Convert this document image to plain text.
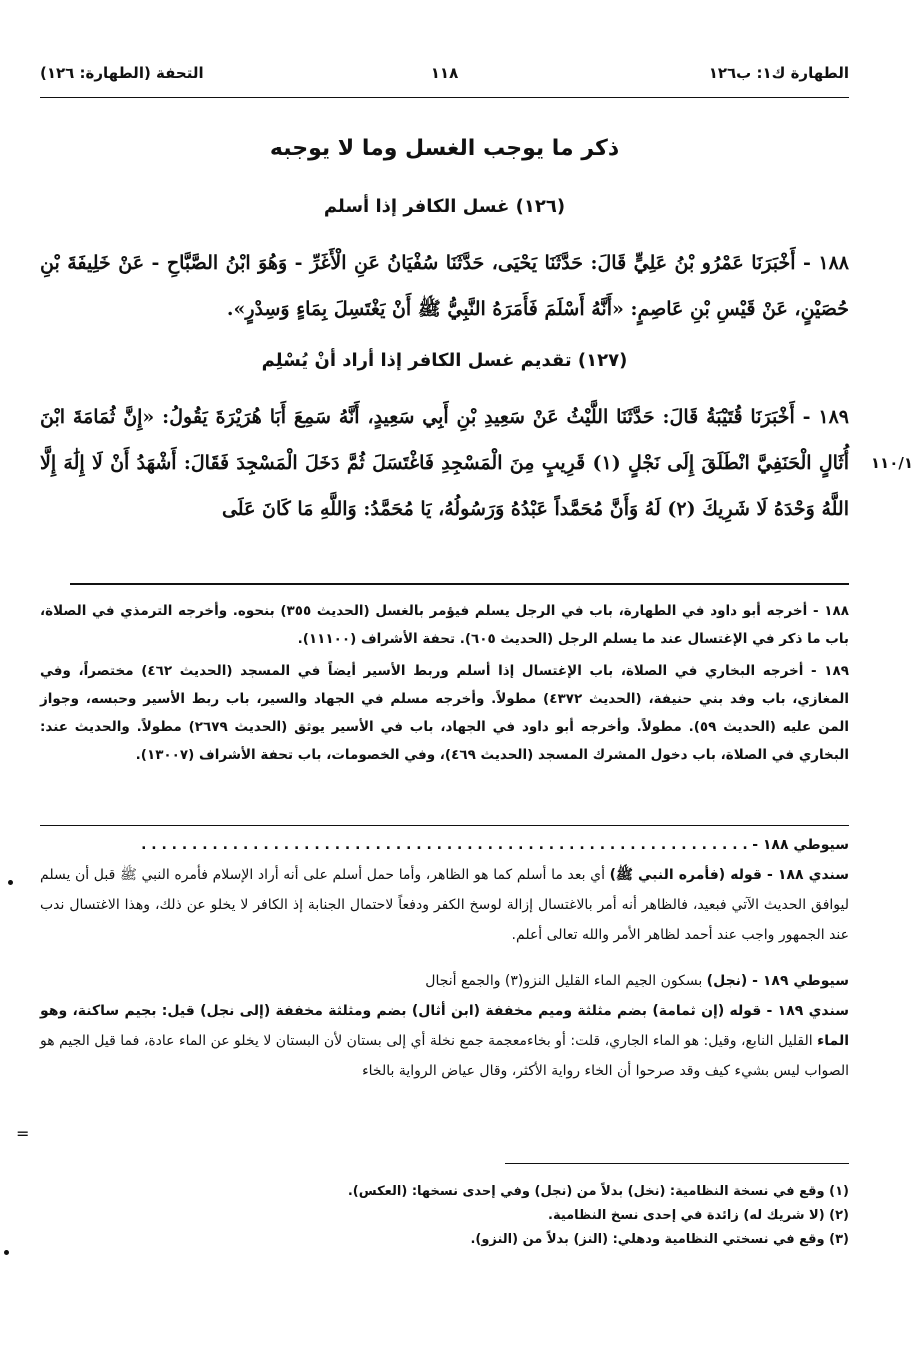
الطهارة ك١: ب١٢٦
١١٨
التحفة (الطهارة: ١٢٦)
ذكر ما يوجب الغسل وما لا يوجبه
(١٢٦) غسل الكافر إذا أسلم
١٨٨ - أَخْبَرَنَا عَمْرُو بْنُ عَلِيٍّ قَالَ: حَدَّثَنَا يَحْيَى، حَدَّثَنَا سُفْيَانُ عَنِ الْأَغَرِّ - وَهُوَ ابْنُ الصَّبَّاحِ - عَنْ خَلِيفَةَ بْنِ حُصَيْنٍ، عَنْ قَيْسِ بْنِ عَاصِمٍ: «أَنَّهُ أَسْلَمَ فَأَمَرَهُ النَّبِيُّ ﷺ أَنْ يَغْتَسِلَ بِمَاءٍ وَسِدْرٍ».
(١٢٧) تقديم غسل الكافر إذا أراد أنْ يُسْلِم
١٨٩ - أَخْبَرَنَا قُتَيْبَةُ قَالَ: حَدَّثَنَا اللَّيْثُ عَنْ سَعِيدِ بْنِ أَبِي سَعِيدٍ، أَنَّهُ سَمِعَ أَبَا هُرَيْرَةَ يَقُولُ: «إِنَّ ثُمَامَةَ ابْنَ أُثَالٍ الْحَنَفِيَّ انْطَلَقَ إِلَى نَجْلٍ (١) قَرِيبٍ مِنَ الْمَسْجِدِ فَاغْتَسَلَ ثُمَّ دَخَلَ الْمَسْجِدَ فَقَالَ: أَشْهَدُ أَنْ لَا إِلَٰهَ إِلَّا اللَّهُ وَحْدَهُ لَا شَرِيكَ (٢) لَهُ وَأَنَّ مُحَمَّداً عَبْدُهُ وَرَسُولُهُ، يَا مُحَمَّدُ: وَاللَّهِ مَا كَانَ عَلَى
١١٠/١

١٨٨ - أخرجه أبو داود في الطهارة، باب في الرجل يسلم فيؤمر بالغسل (الحديث ٣٥٥) بنحوه. وأخرجه الترمذي في الصلاة، باب ما ذكر في الإغتسال عند ما يسلم الرجل (الحديث ٦٠٥). تحفة الأشراف (١١١٠٠).

١٨٩ - أخرجه البخاري في الصلاة، باب الإغتسال إذا أسلم وربط الأسير أيضاً في المسجد (الحديث ٤٦٢) مختصراً، وفي المغازي، باب وفد بني حنيفة، (الحديث ٤٣٧٢) مطولاً. وأخرجه مسلم في الجهاد والسير، باب ربط الأسير وحبسه، وجواز المن عليه (الحديث ٥٩). مطولاً. وأخرجه أبو داود في الجهاد، باب في الأسير يوثق (الحديث ٢٦٧٩) مطولاً. والحديث عند: البخاري في الصلاة، باب دخول المشرك المسجد (الحديث ٤٦٩)، وفي الخصومات، باب تحفة الأشراف (١٣٠٠٧).

سيوطي ١٨٨ - . . . . . . . . . . . . . . . . . . . . . . . . . . . . . . . . . . . . . . . . . . . . . . . . . . . . . . . . . . . .

سندي ١٨٨ - قوله (فأمره النبي ﷺ) أي بعد ما أسلم كما هو الظاهر، وأما حمل أسلم على أنه أراد الإسلام فأمره النبي ﷺ قبل أن يسلم ليوافق الحديث الآتي فبعيد، فالظاهر أنه أمر بالاغتسال إزالة لوسخ الكفر ودفعاً لاحتمال الجنابة إذ الكافر لا يخلو عن ذلك، وهذا الاغتسال ندب عند الجمهور واجب عند أحمد لظاهر الأمر والله تعالى أعلم.

سيوطي ١٨٩ - (نجل) بسكون الجيم الماء القليل النزو(٣) والجمع أنجال

سندي ١٨٩ - قوله (إن ثمامة) بضم مثلثة وميم مخففة (ابن أثال) بضم ومثلثة مخففة (إلى نجل) قيل: بجيم ساكنة، وهو الماء القليل النابع، وقيل: هو الماء الجاري، قلت: أو بخاءمعجمة جمع نخلة أي إلى بستان لأن البستان لا يخلو عن الماء عادة، فما قيل الجيم هو الصواب ليس بشيء كيف وقد صرحوا أن الخاء رواية الأكثر، وقال عياض الرواية بالخاء

=

(١) وقع في نسخة النظامية: (نخل) بدلاً من (نجل) وفي إحدى نسخها: (العكس).

(٢) (لا شريك له) زائدة في إحدى نسخ النظامية.

(٣) وقع في نسختي النظامية ودهلي: (النز) بدلاً من (النزو).
